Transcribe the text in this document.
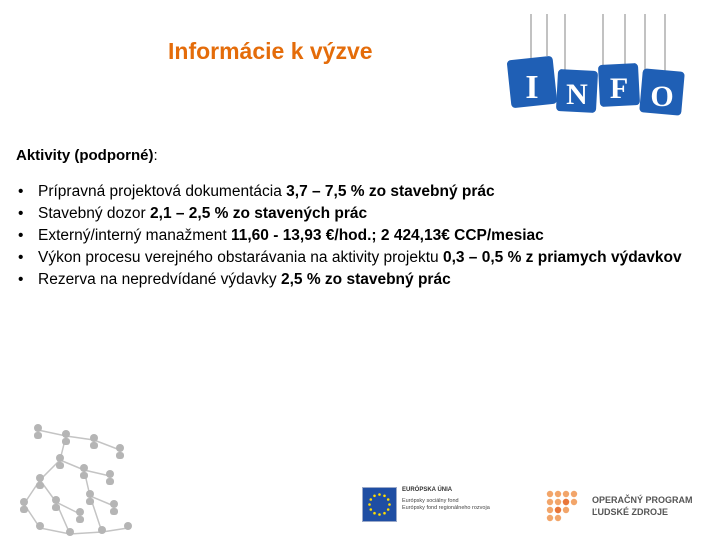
Informácie k výzve
I N F O
Aktivity (podporné):
• Prípravná projektová dokumentácia 3,7 – 7,5 % zo stavebný prác
• Stavebný dozor 2,1 – 2,5 % zo stavených prác
• Externý/interný manažment 11,60 - 13,93 €/hod.; 2 424,13€ CCP/mesiac
• Výkon procesu verejného obstarávania na aktivity projektu 0,3 – 0,5 % z priamych výdavkov
• Rezerva na nepredvídané výdavky 2,5 % zo stavebný prác
EURÓPSKA ÚNIA
Európsky sociálny fond
Európsky fond regionálneho rozvoja
OPERAČNÝ PROGRAM
ĽUDSKÉ ZDROJE
